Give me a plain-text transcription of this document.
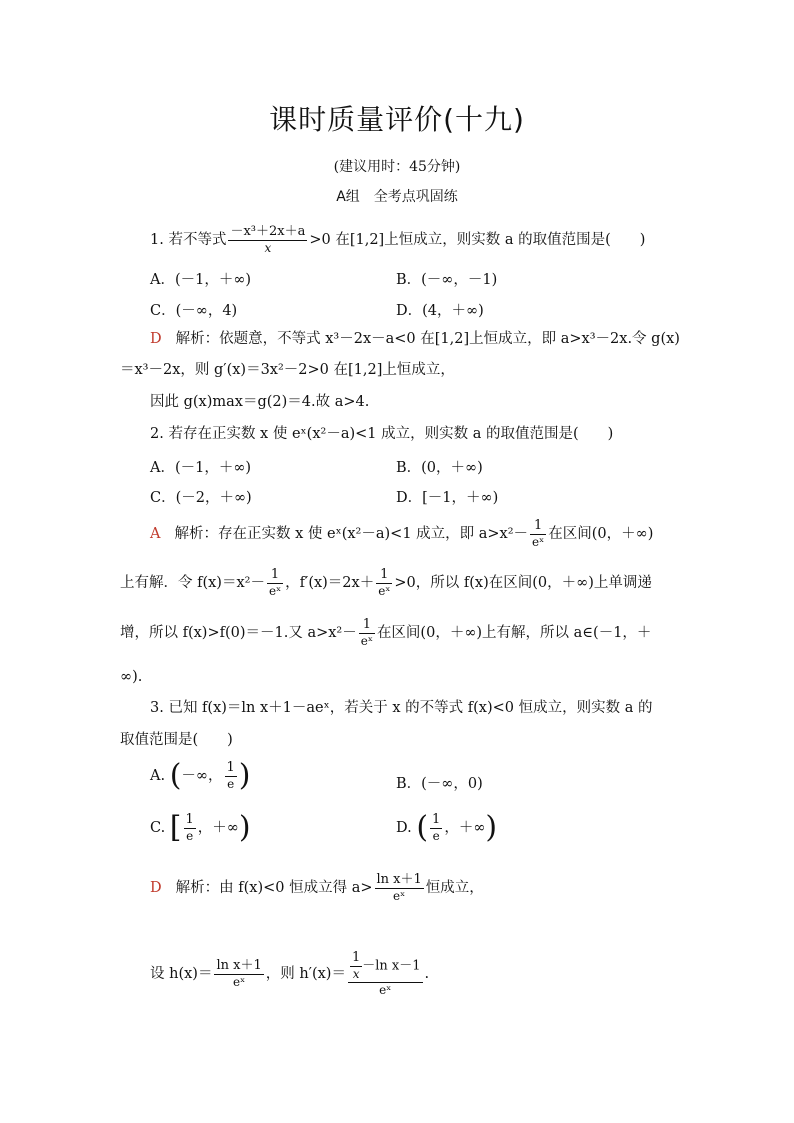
课时质量评价(十九)
(建议用时：45分钟)
A组　全考点巩固练
1. 若不等式 $\frac{\text{－x³＋2x＋a}}{x} >0$ 在[1,2]上恒成立，则实数 a 的取值范围是(　　)
A．(－1，＋∞)	B．(－∞，－1)
C．(－∞，4)	D．(4，＋∞)
D 解析：依题意，不等式 x³－2x－a<0 在[1,2]上恒成立，即 a>x³－2x.令 g(x)
＝x³－2x，则 g′(x)＝3x²－2>0 在[1,2]上恒成立，
因此 g(x)max＝g(2)＝4.故 a>4.
2. 若存在正实数 x 使 eˣ(x²－a)<1 成立，则实数 a 的取值范围是(　　)
A．(－1，＋∞)	B．(0，＋∞)
C．(－2，＋∞)	D．[－1，＋∞)
A 解析：存在正实数 x 使 eˣ(x²－a)<1 成立，即 $a>x^2- \frac{1}{\text{eˣ}}$ 在区间(0，＋∞)
上有解．令 $f(x)=x^2- \frac{1}{\text{eˣ}}$ ，$f'(x)=2x+ \frac{1}{\text{eˣ}} >0$，所以 f(x)在区间(0，＋∞)上单调递
增，所以 f(x)>f(0)＝－1.又 $a>x^2- \frac{1}{\text{eˣ}}$ 在区间(0，＋∞)上有解，所以 a∈(－1，＋
∞).
3. 已知 f(x)＝ln x＋1－aeˣ，若关于 x 的不等式 f(x)<0 恒成立，则实数 a 的
取值范围是(　　)
A. (－∞， $\frac{1}{e}$ )	B．(－∞，0)
C. [ $\frac{1}{e}$ ，＋∞)	D. ( $\frac{1}{e}$ ，＋∞)
D 解析：由 f(x)<0 恒成立得 $a> \frac{\text{ln x＋1}}{\text{eˣ}}$ 恒成立，
设 $h(x)= \frac{\text{ln x＋1}}{\text{eˣ}}$ ，则 $h'(x)= \frac{\frac{1}{x} -\ln x-1}{\text{eˣ}}$ .
